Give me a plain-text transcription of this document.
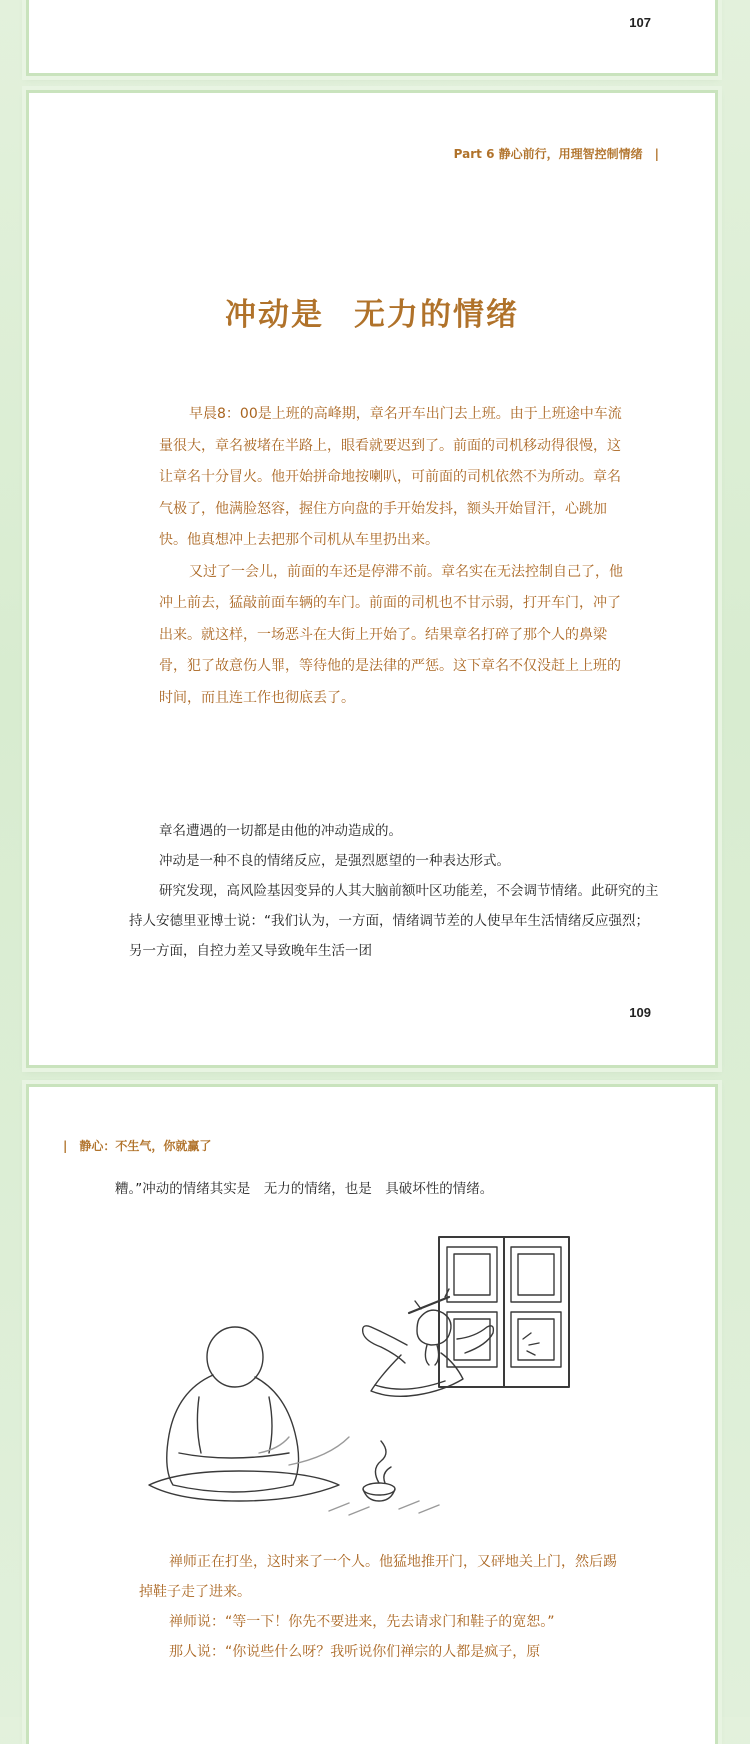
107
Part 6 静心前行，用理智控制情绪 |
冲动是 无力的情绪

早晨8：00是上班的高峰期，章名开车出门去上班。由于上班途中车流量很大，章名被堵在半路上，眼看就要迟到了。前面的司机移动得很慢，这让章名十分冒火。他开始拼命地按喇叭，可前面的司机依然不为所动。章名气极了，他满脸怒容，握住方向盘的手开始发抖，额头开始冒汗，心跳加快。他真想冲上去把那个司机从车里扔出来。

又过了一会儿，前面的车还是停滞不前。章名实在无法控制自己了，他冲上前去，猛敲前面车辆的车门。前面的司机也不甘示弱，打开车门，冲了出来。就这样，一场恶斗在大街上开始了。结果章名打碎了那个人的鼻梁骨，犯了故意伤人罪，等待他的是法律的严惩。这下章名不仅没赶上上班的时间，而且连工作也彻底丢了。

章名遭遇的一切都是由他的冲动造成的。

冲动是一种不良的情绪反应，是强烈愿望的一种表达形式。

研究发现，高风险基因变异的人其大脑前额叶区功能差，不会调节情绪。此研究的主持人安德里亚博士说：“我们认为，一方面，情绪调节差的人使早年生活情绪反应强烈；另一方面，自控力差又导致晚年生活一团

109
| 静心：不生气，你就赢了
糟。”冲动的情绪其实是　无力的情绪，也是　具破坏性的情绪。

禅师正在打坐，这时来了一个人。他猛地推开门，又砰地关上门，然后踢掉鞋子走了进来。

禅师说：“等一下！你先不要进来，先去请求门和鞋子的宽恕。”

那人说：“你说些什么呀？我听说你们禅宗的人都是疯子，原
